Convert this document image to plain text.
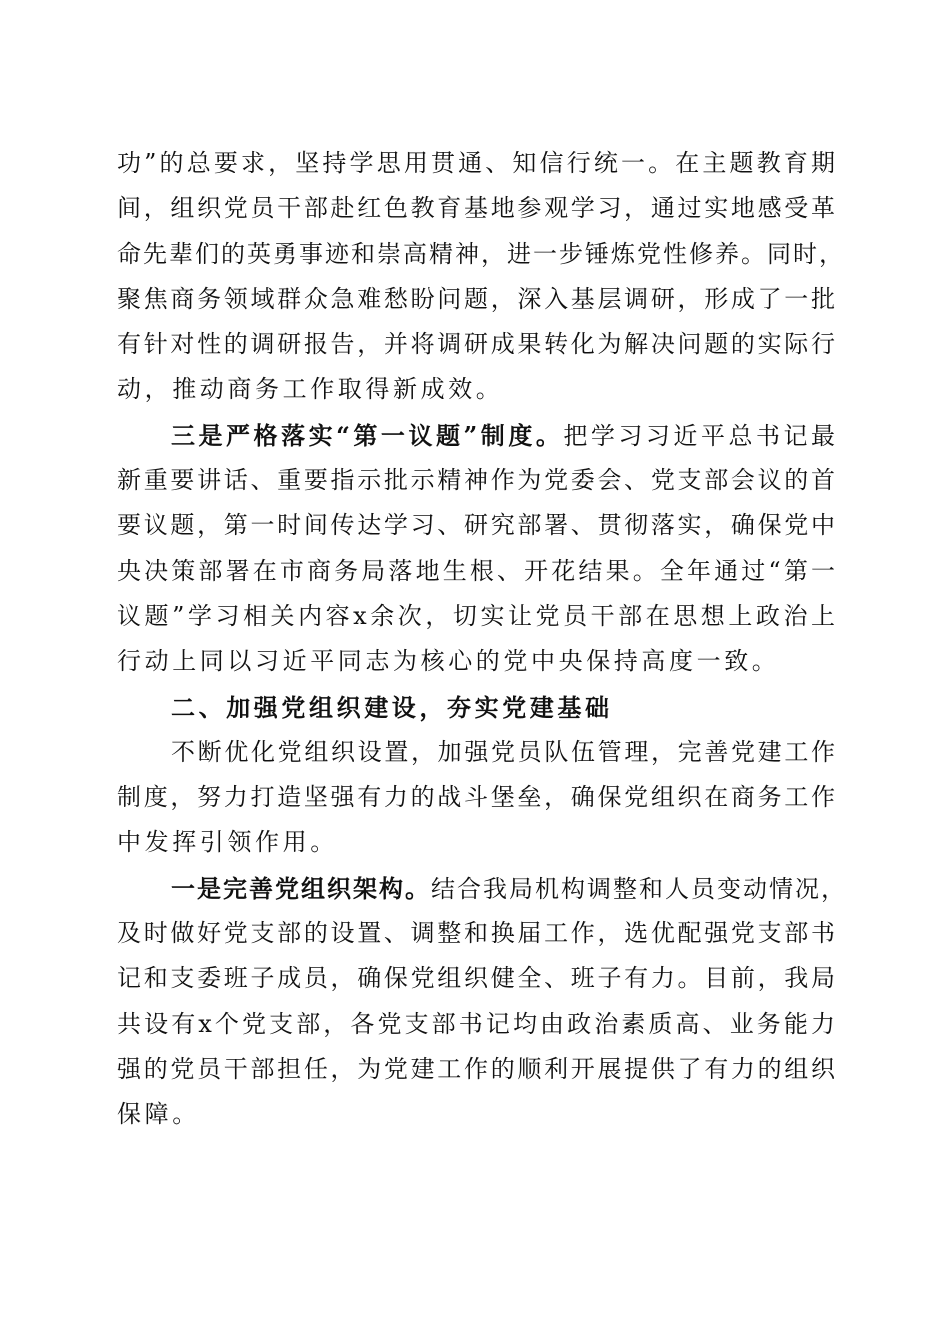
功”的总要求，坚持学思用贯通、知信行统一。在主题教育期
间，组织党员干部赴红色教育基地参观学习，通过实地感受革
命先辈们的英勇事迹和崇高精神，进一步锤炼党性修养。同时，
聚焦商务领域群众急难愁盼问题，深入基层调研，形成了一批
有针对性的调研报告，并将调研成果转化为解决问题的实际行
动，推动商务工作取得新成效。
三是严格落实“第一议题”制度。把学习习近平总书记最
新重要讲话、重要指示批示精神作为党委会、党支部会议的首
要议题，第一时间传达学习、研究部署、贯彻落实，确保党中
央决策部署在市商务局落地生根、开花结果。全年通过“第一
议题”学习相关内容x余次，切实让党员干部在思想上政治上
行动上同以习近平同志为核心的党中央保持高度一致。
二、加强党组织建设，夯实党建基础
不断优化党组织设置，加强党员队伍管理，完善党建工作
制度，努力打造坚强有力的战斗堡垒，确保党组织在商务工作
中发挥引领作用。
一是完善党组织架构。结合我局机构调整和人员变动情况，
及时做好党支部的设置、调整和换届工作，选优配强党支部书
记和支委班子成员，确保党组织健全、班子有力。目前，我局
共设有x个党支部，各党支部书记均由政治素质高、业务能力
强的党员干部担任，为党建工作的顺利开展提供了有力的组织
保障。
